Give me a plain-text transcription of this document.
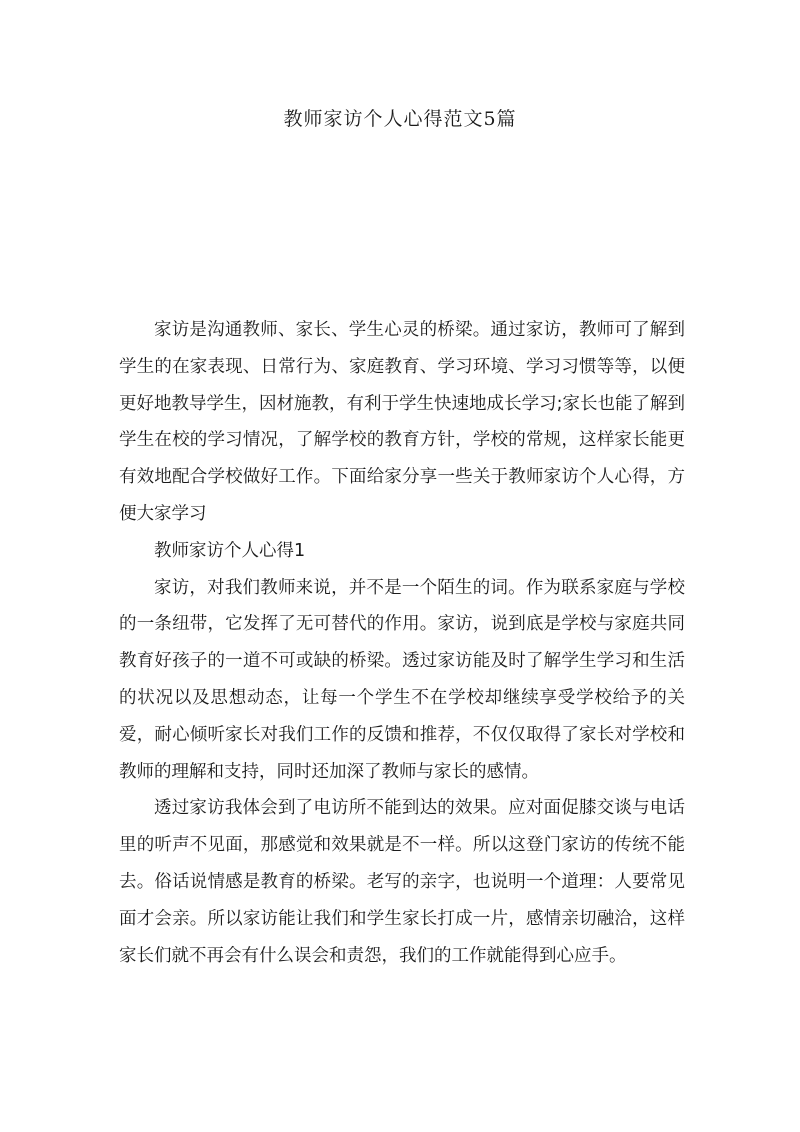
教师家访个人心得范文5篇

家访是沟通教师、家长、学生心灵的桥梁。通过家访，教师可了解到学生的在家表现、日常行为、家庭教育、学习环境、学习习惯等等，以便更好地教导学生，因材施教，有利于学生快速地成长学习;家长也能了解到学生在校的学习情况，了解学校的教育方针，学校的常规，这样家长能更有效地配合学校做好工作。下面给家分享一些关于教师家访个人心得，方便大家学习

教师家访个人心得1

家访，对我们教师来说，并不是一个陌生的词。作为联系家庭与学校的一条纽带，它发挥了无可替代的作用。家访，说到底是学校与家庭共同教育好孩子的一道不可或缺的桥梁。透过家访能及时了解学生学习和生活的状况以及思想动态，让每一个学生不在学校却继续享受学校给予的关爱，耐心倾听家长对我们工作的反馈和推荐，不仅仅取得了家长对学校和教师的理解和支持，同时还加深了教师与家长的感情。

透过家访我体会到了电访所不能到达的效果。应对面促膝交谈与电话里的听声不见面，那感觉和效果就是不一样。所以这登门家访的传统不能去。俗话说情感是教育的桥梁。老写的亲字，也说明一个道理：人要常见面才会亲。所以家访能让我们和学生家长打成一片，感情亲切融洽，这样家长们就不再会有什么误会和责怨，我们的工作就能得到心应手。
